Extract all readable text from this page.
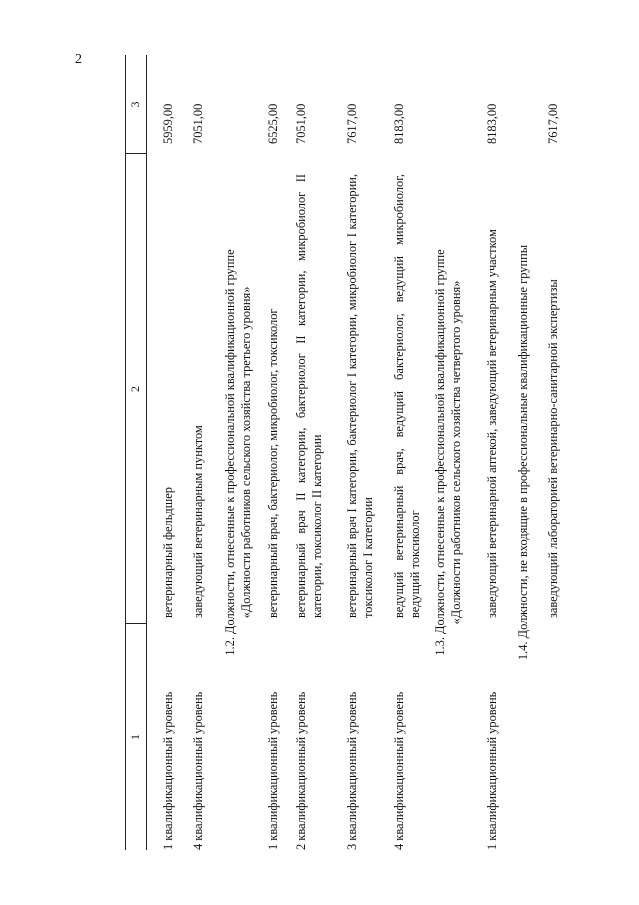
2
1
2
3
1 квалификационный уровень
ветеринарный фельдшер
5959,00
4 квалификационный уровень
заведующий ветеринарным пунктом
7051,00
1.2. Должности, отнесенные к профессиональной квалификационной группе «Должности работников сельского хозяйства третьего уровня»
1 квалификационный уровень
ветеринарный врач, бактериолог, микробиолог, токсиколог
6525,00
2 квалификационный уровень
ветеринарный врач II категории, бактериолог II категории, микробиолог II категории, токсиколог II категории
7051,00
3 квалификационный уровень
ветеринарный врач I категории, бактериолог I категории, микробиолог I категории, токсиколог I категории
7617,00
4 квалификационный уровень
ведущий ветеринарный врач, ведущий бактериолог, ведущий микробиолог, ведущий токсиколог
8183,00
1.3. Должности, отнесенные к профессиональной квалификационной группе «Должности работников сельского хозяйства четвертого уровня»
1 квалификационный уровень
заведующий ветеринарной аптекой, заведующий ветеринарным участком
8183,00
1.4. Должности, не входящие в профессиональные квалификационные группы заведующий лабораторией ветеринарно-санитарной экспертизы
7617,00
